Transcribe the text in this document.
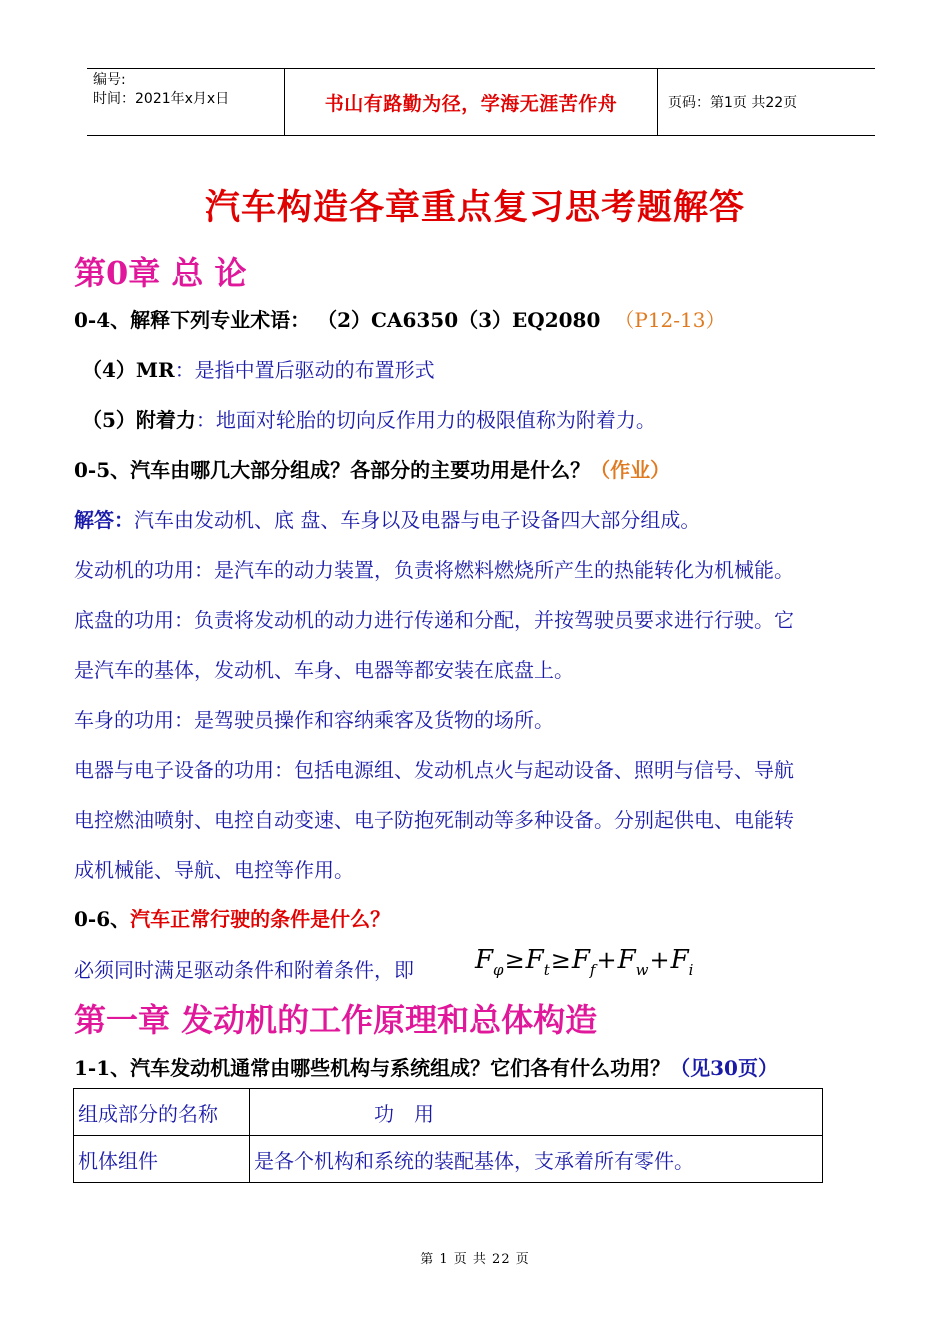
编号:
时间：2021年x月x日	书山有路勤为径，学海无涯苦作舟	页码：第1页 共22页
汽车构造各章重点复习思考题解答
第0章 总 论
0-4、解释下列专业术语： （2）CA6350（3）EQ2080 （P12-13）
（4）MR：是指中置后驱动的布置形式
（5）附着力：地面对轮胎的切向反作用力的极限值称为附着力。
0-5、汽车由哪几大部分组成？各部分的主要功用是什么？（作业）
解答：汽车由发动机、底 盘、车身以及电器与电子设备四大部分组成。
发动机的功用：是汽车的动力装置，负责将燃料燃烧所产生的热能转化为机械能。
底盘的功用：负责将发动机的动力进行传递和分配，并按驾驶员要求进行行驶。它
是汽车的基体，发动机、车身、电器等都安装在底盘上。
车身的功用：是驾驶员操作和容纳乘客及货物的场所。
电器与电子设备的功用：包括电源组、发动机点火与起动设备、照明与信号、导航
电控燃油喷射、电控自动变速、电子防抱死制动等多种设备。分别起供电、电能转
成机械能、导航、电控等作用。
0-6、汽车正常行驶的条件是什么？
必须同时满足驱动条件和附着条件，即 $F_\varphi\ge F_t\ge F_f+F_w+F_i$
第一章 发动机的工作原理和总体构造
1-1、汽车发动机通常由哪些机构与系统组成？它们各有什么功用？（见30页）
组成部分的名称	功　用
机体组件	是各个机构和系统的装配基体，支承着所有零件。
第 1 页 共 22 页
